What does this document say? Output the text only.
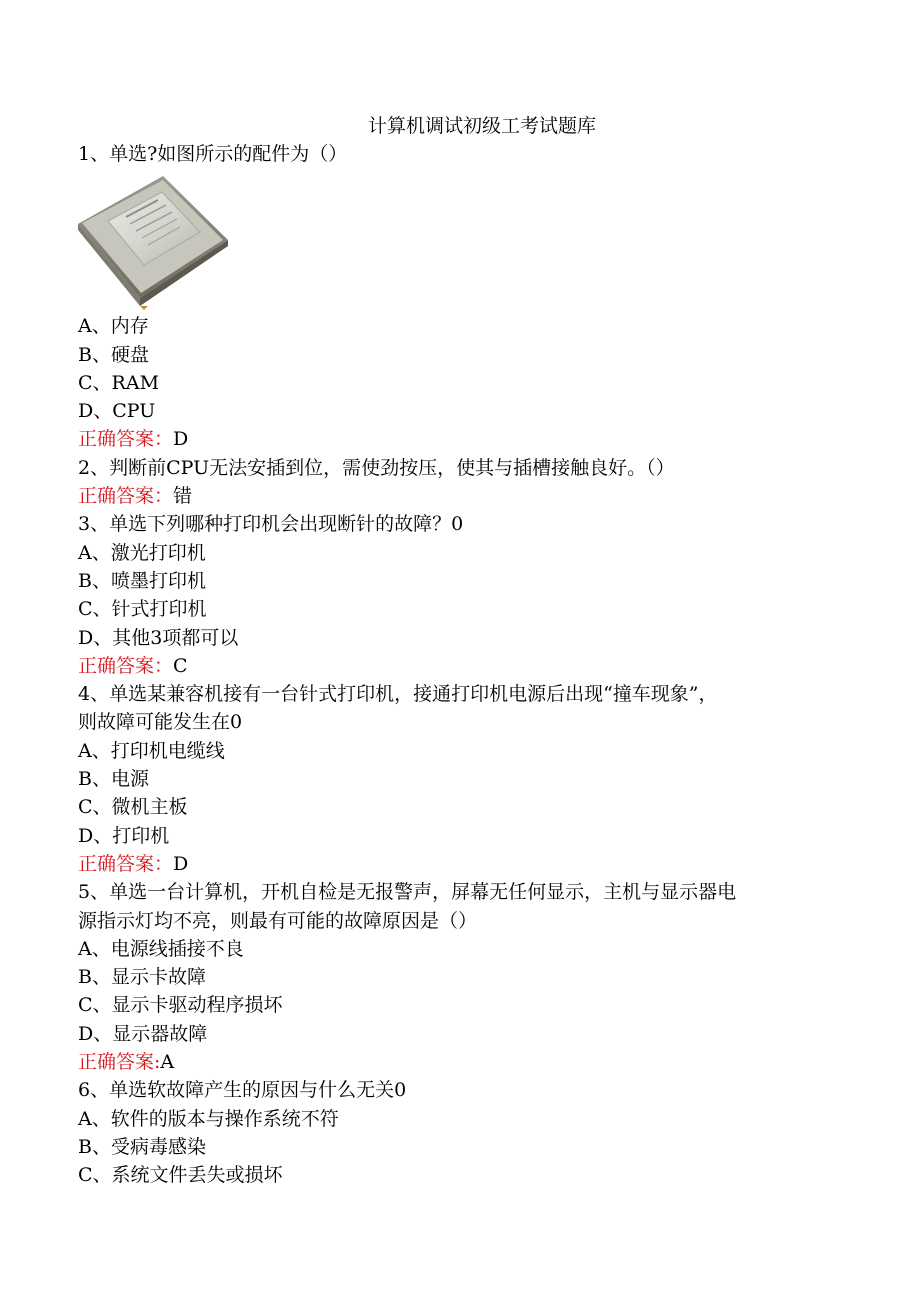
计算机调试初级工考试题库
1、单选?如图所示的配件为（）
A、内存
B、硬盘
C、RAM
D、CPU
正确答案：D
2、判断前CPU无法安插到位，需使劲按压，使其与插槽接触良好。（）
正确答案：错
3、单选下列哪种打印机会出现断针的故障？0
A、激光打印机
B、喷墨打印机
C、针式打印机
D、其他3项都可以
正确答案：C
4、单选某兼容机接有一台针式打印机，接通打印机电源后出现“撞车现象”，
则故障可能发生在0
A、打印机电缆线
B、电源
C、微机主板
D、打印机
正确答案：D
5、单选一台计算机，开机自检是无报警声，屏幕无任何显示，主机与显示器电
源指示灯均不亮，则最有可能的故障原因是（）
A、电源线插接不良
B、显示卡故障
C、显示卡驱动程序损坏
D、显示器故障
正确答案:A
6、单选软故障产生的原因与什么无关0
A、软件的版本与操作系统不符
B、受病毒感染
C、系统文件丢失或损坏
